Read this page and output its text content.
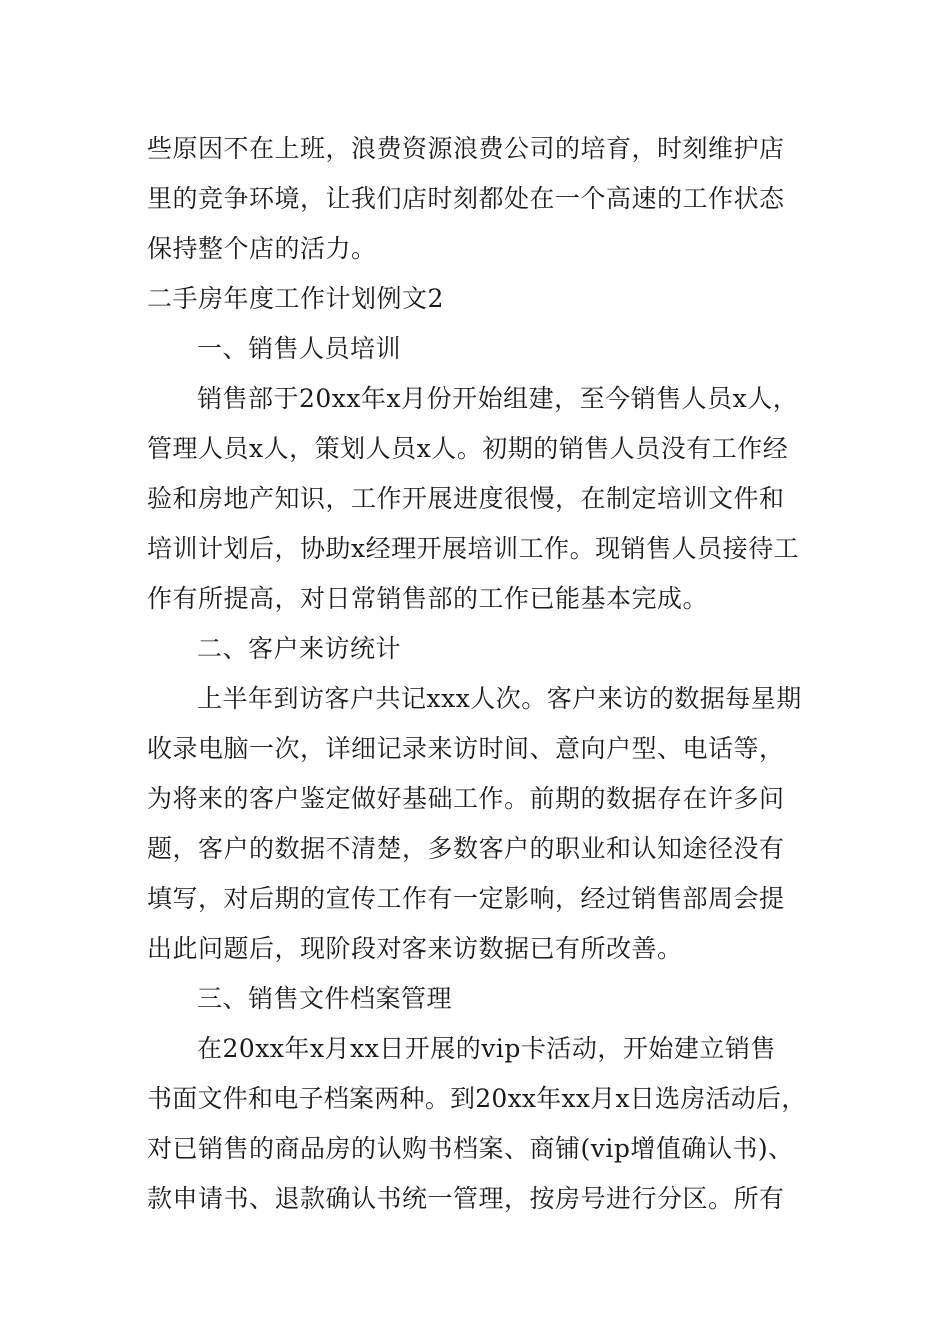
些原因不在上班，浪费资源浪费公司的培育，时刻维护店

里的竞争环境，让我们店时刻都处在一个高速的工作状态

保持整个店的活力。

二手房年度工作计划例文2

一、销售人员培训

销售部于20xx年x月份开始组建，至今销售人员x人，

管理人员x人，策划人员x人。初期的销售人员没有工作经

验和房地产知识，工作开展进度很慢，在制定培训文件和

培训计划后，协助x经理开展培训工作。现销售人员接待工

作有所提高，对日常销售部的工作已能基本完成。

二、客户来访统计

上半年到访客户共记xxx人次。客户来访的数据每星期

收录电脑一次，详细记录来访时间、意向户型、电话等，

为将来的客户鉴定做好基础工作。前期的数据存在许多问

题，客户的数据不清楚，多数客户的职业和认知途径没有

填写，对后期的宣传工作有一定影响，经过销售部周会提

出此问题后，现阶段对客来访数据已有所改善。

三、销售文件档案管理

在20xx年x月xx日开展的vip卡活动，开始建立销售

书面文件和电子档案两种。到20xx年xx月x日选房活动后，

对已销售的商品房的认购书档案、商铺(vip增值确认书)、

款申请书、退款确认书统一管理，按房号进行分区。所有
